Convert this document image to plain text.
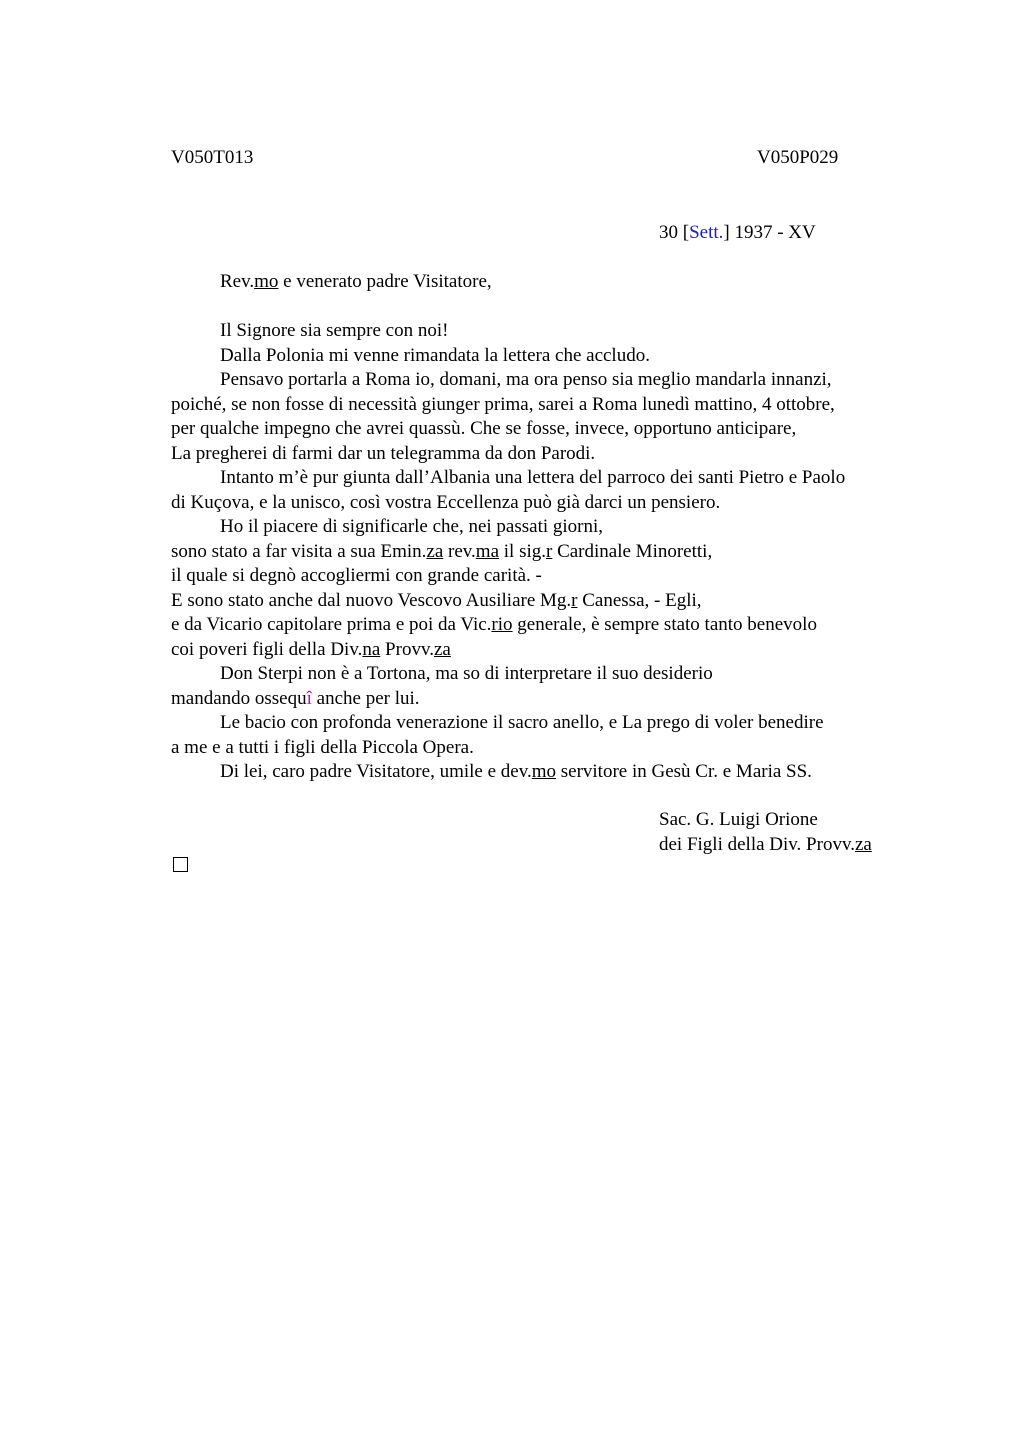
V050T013	V050P029
30 [Sett.] 1937 - XV
Rev.mo e venerato padre Visitatore,
Il Signore sia sempre con noi!
Dalla Polonia mi venne rimandata la lettera che accludo.
Pensavo portarla a Roma io, domani, ma ora penso sia meglio mandarla innanzi,
poiché, se non fosse di necessità giunger prima, sarei a Roma lunedì mattino, 4 ottobre,
per qualche impegno che avrei quassù. Che se fosse, invece, opportuno anticipare,
La pregherei di farmi dar un telegramma da don Parodi.
Intanto m’è pur giunta dall’Albania una lettera del parroco dei santi Pietro e Paolo
di Kuçova, e la unisco, così vostra Eccellenza può già darci un pensiero.
Ho il piacere di significarle che, nei passati giorni,
sono stato a far visita a sua Emin.za rev.ma il sig.r Cardinale Minoretti,
il quale si degnò accogliermi con grande carità. -
E sono stato anche dal nuovo Vescovo Ausiliare Mg.r Canessa, - Egli,
e da Vicario capitolare prima e poi da Vic.rio generale, è sempre stato tanto benevolo
coi poveri figli della Div.na Provv.za
Don Sterpi non è a Tortona, ma so di interpretare il suo desiderio
mandando ossequî anche per lui.
Le bacio con profonda venerazione il sacro anello, e La prego di voler benedire
a me e a tutti i figli della Piccola Opera.
Di lei, caro padre Visitatore, umile e dev.mo servitore in Gesù Cr. e Maria SS.
Sac. G. Luigi Orione
dei Figli della Div. Provv.za
